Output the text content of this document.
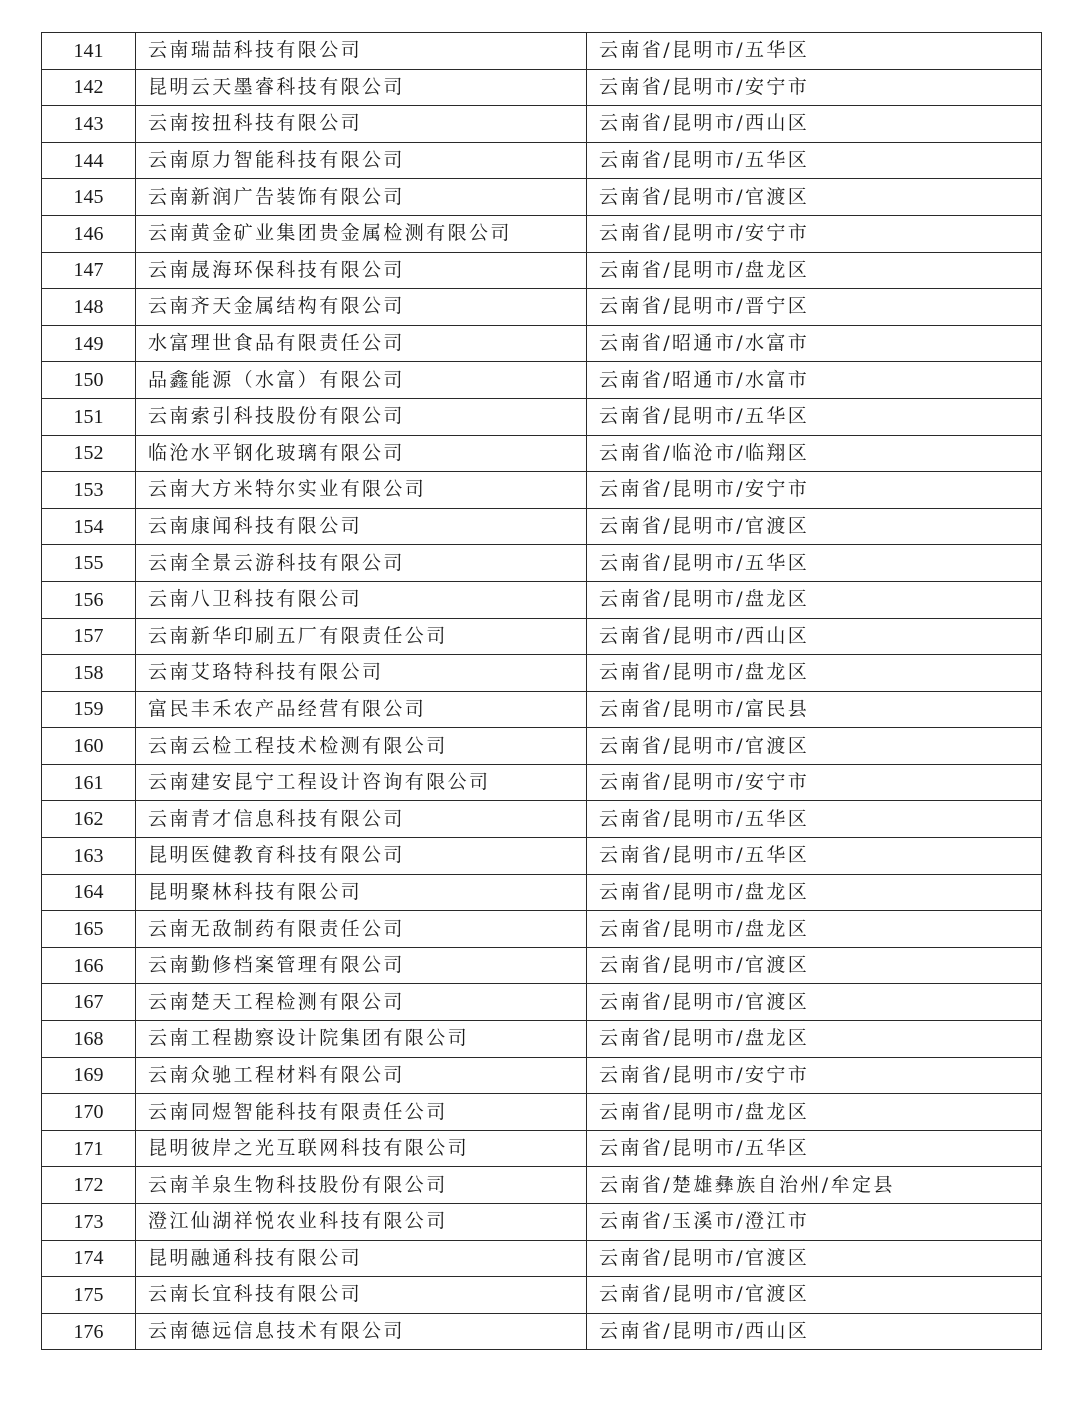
141	云南瑞喆科技有限公司	云南省/昆明市/五华区
142	昆明云天墨睿科技有限公司	云南省/昆明市/安宁市
143	云南按扭科技有限公司	云南省/昆明市/西山区
144	云南原力智能科技有限公司	云南省/昆明市/五华区
145	云南新润广告装饰有限公司	云南省/昆明市/官渡区
146	云南黄金矿业集团贵金属检测有限公司	云南省/昆明市/安宁市
147	云南晟海环保科技有限公司	云南省/昆明市/盘龙区
148	云南齐天金属结构有限公司	云南省/昆明市/晋宁区
149	水富理世食品有限责任公司	云南省/昭通市/水富市
150	品鑫能源（水富）有限公司	云南省/昭通市/水富市
151	云南索引科技股份有限公司	云南省/昆明市/五华区
152	临沧水平钢化玻璃有限公司	云南省/临沧市/临翔区
153	云南大方米特尔实业有限公司	云南省/昆明市/安宁市
154	云南康闻科技有限公司	云南省/昆明市/官渡区
155	云南全景云游科技有限公司	云南省/昆明市/五华区
156	云南八卫科技有限公司	云南省/昆明市/盘龙区
157	云南新华印刷五厂有限责任公司	云南省/昆明市/西山区
158	云南艾珞特科技有限公司	云南省/昆明市/盘龙区
159	富民丰禾农产品经营有限公司	云南省/昆明市/富民县
160	云南云检工程技术检测有限公司	云南省/昆明市/官渡区
161	云南建安昆宁工程设计咨询有限公司	云南省/昆明市/安宁市
162	云南青才信息科技有限公司	云南省/昆明市/五华区
163	昆明医健教育科技有限公司	云南省/昆明市/五华区
164	昆明聚林科技有限公司	云南省/昆明市/盘龙区
165	云南无敌制药有限责任公司	云南省/昆明市/盘龙区
166	云南勤修档案管理有限公司	云南省/昆明市/官渡区
167	云南楚天工程检测有限公司	云南省/昆明市/官渡区
168	云南工程勘察设计院集团有限公司	云南省/昆明市/盘龙区
169	云南众驰工程材料有限公司	云南省/昆明市/安宁市
170	云南同煜智能科技有限责任公司	云南省/昆明市/盘龙区
171	昆明彼岸之光互联网科技有限公司	云南省/昆明市/五华区
172	云南羊泉生物科技股份有限公司	云南省/楚雄彝族自治州/牟定县
173	澄江仙湖祥悦农业科技有限公司	云南省/玉溪市/澄江市
174	昆明融通科技有限公司	云南省/昆明市/官渡区
175	云南长宜科技有限公司	云南省/昆明市/官渡区
176	云南德远信息技术有限公司	云南省/昆明市/西山区
